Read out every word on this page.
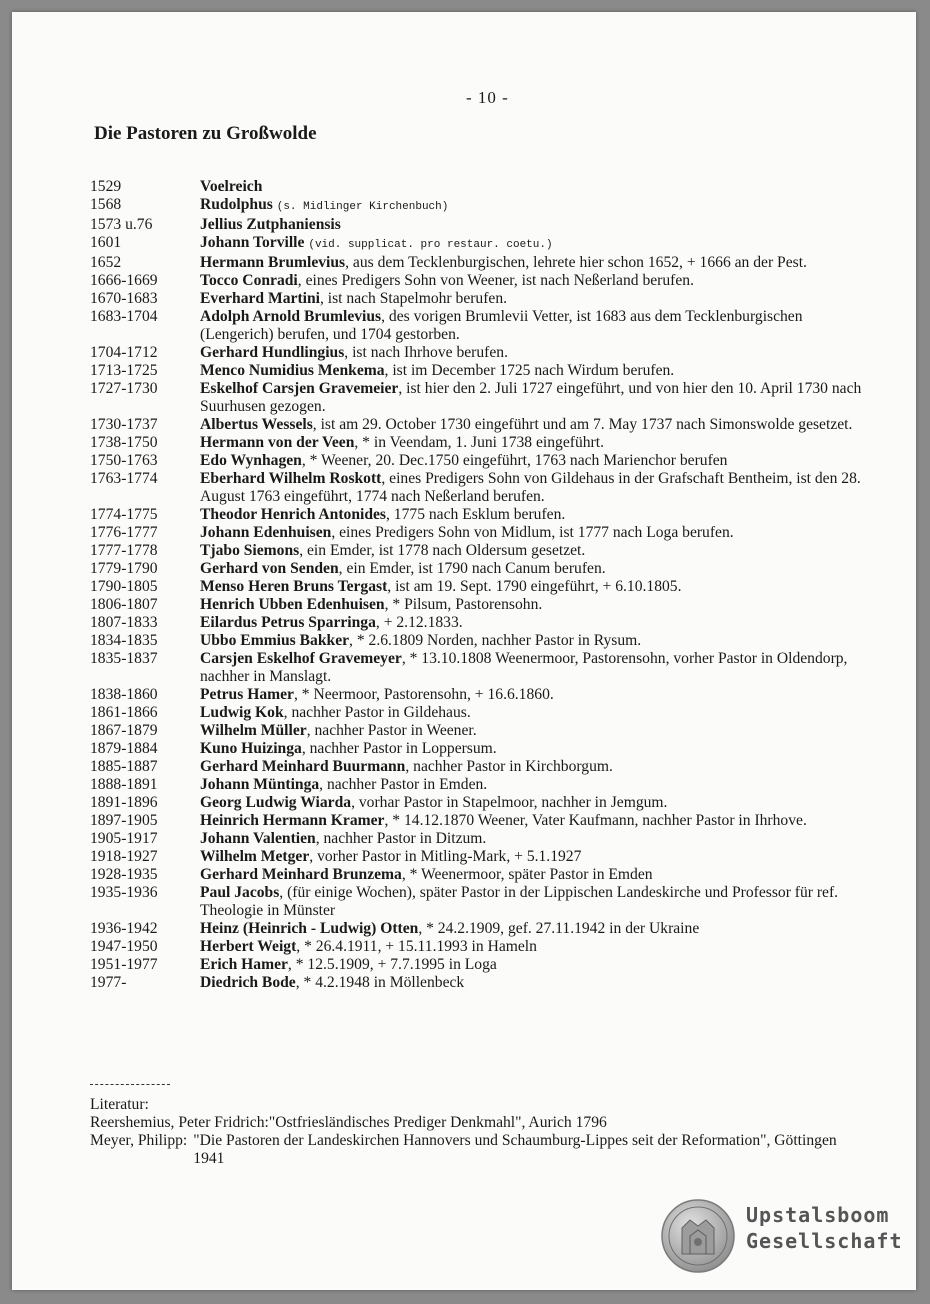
- 10 -
Die Pastoren zu Großwolde
1529	Voelreich
1568	Rudolphus (s. Midlinger Kirchenbuch)
1573 u.76	Jellius Zutphaniensis
1601	Johann Torville (vid. supplicat. pro restaur. coetu.)
1652	Hermann Brumlevius, aus dem Tecklenburgischen, lehrete hier schon 1652, + 1666 an der Pest.
1666-1669	Tocco Conradi, eines Predigers Sohn von Weener, ist nach Neßerland berufen.
1670-1683	Everhard Martini, ist nach Stapelmohr berufen.
1683-1704	Adolph Arnold Brumlevius, des vorigen Brumlevii Vetter, ist 1683 aus dem Tecklenburgischen (Lengerich) berufen, und 1704 gestorben.
1704-1712	Gerhard Hundlingius, ist nach Ihrhove berufen.
1713-1725	Menco Numidius Menkema, ist im December 1725 nach Wirdum berufen.
1727-1730	Eskelhof Carsjen Gravemeier, ist hier den 2. Juli 1727 eingeführt, und von hier den 10. April 1730 nach Suurhusen gezogen.
1730-1737	Albertus Wessels, ist am 29. October 1730 eingeführt und am 7. May 1737 nach Simonswolde gesetzet.
1738-1750	Hermann von der Veen, * in Veendam, 1. Juni 1738 eingeführt.
1750-1763	Edo Wynhagen, * Weener, 20. Dec.1750 eingeführt, 1763 nach Marienchor berufen
1763-1774	Eberhard Wilhelm Roskott, eines Predigers Sohn von Gildehaus in der Grafschaft Bentheim, ist den 28. August 1763 eingeführt, 1774 nach Neßerland berufen.
1774-1775	Theodor Henrich Antonides, 1775 nach Esklum berufen.
1776-1777	Johann Edenhuisen, eines Predigers Sohn von Midlum, ist 1777 nach Loga berufen.
1777-1778	Tjabo Siemons, ein Emder, ist 1778 nach Oldersum gesetzet.
1779-1790	Gerhard von Senden, ein Emder, ist 1790 nach Canum berufen.
1790-1805	Menso Heren Bruns Tergast, ist am 19. Sept. 1790 eingeführt, + 6.10.1805.
1806-1807	Henrich Ubben Edenhuisen, * Pilsum, Pastorensohn.
1807-1833	Eilardus Petrus Sparringa, + 2.12.1833.
1834-1835	Ubbo Emmius Bakker, * 2.6.1809 Norden, nachher Pastor in Rysum.
1835-1837	Carsjen Eskelhof Gravemeyer, * 13.10.1808 Weenermoor, Pastorensohn, vorher Pastor in Oldendorp, nachher in Manslagt.
1838-1860	Petrus Hamer, * Neermoor, Pastorensohn, + 16.6.1860.
1861-1866	Ludwig Kok, nachher Pastor in Gildehaus.
1867-1879	Wilhelm Müller, nachher Pastor in Weener.
1879-1884	Kuno Huizinga, nachher Pastor in Loppersum.
1885-1887	Gerhard Meinhard Buurmann, nachher Pastor in Kirchborgum.
1888-1891	Johann Müntinga, nachher Pastor in Emden.
1891-1896	Georg Ludwig Wiarda, vorhar Pastor in Stapelmoor, nachher in Jemgum.
1897-1905	Heinrich Hermann Kramer, * 14.12.1870 Weener, Vater Kaufmann, nachher Pastor in Ihrhove.
1905-1917	Johann Valentien, nachher Pastor in Ditzum.
1918-1927	Wilhelm Metger, vorher Pastor in Mitling-Mark, + 5.1.1927
1928-1935	Gerhard Meinhard Brunzema, * Weenermoor, später Pastor in Emden
1935-1936	Paul Jacobs, (für einige Wochen), später Pastor in der Lippischen Landeskirche und Professor für ref. Theologie in Münster
1936-1942	Heinz (Heinrich - Ludwig) Otten, * 24.2.1909, gef. 27.11.1942 in der Ukraine
1947-1950	Herbert Weigt, * 26.4.1911, + 15.11.1993 in Hameln
1951-1977	Erich Hamer, * 12.5.1909, + 7.7.1995 in Loga
1977-	Diedrich Bode, * 4.2.1948 in Möllenbeck
Literatur:
Reershemius, Peter Fridrich: "Ostfriesländisches Prediger Denkmahl", Aurich 1796
Meyer, Philipp: "Die Pastoren der Landeskirchen Hannovers und Schaumburg-Lippes seit der Reformation", Göttingen 1941
Upstalsboom
Gesellschaft
